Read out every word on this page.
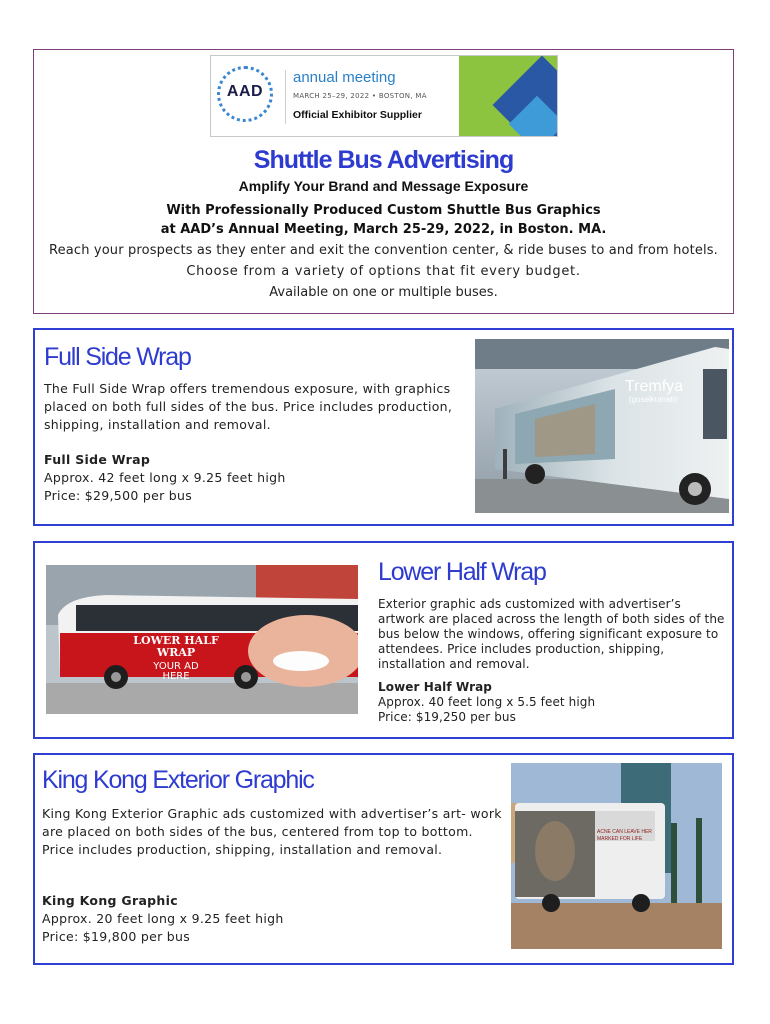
AAD
annual meeting
MARCH 25–29, 2022 • BOSTON, MA
Official Exhibitor Supplier
Shuttle Bus Advertising
Amplify Your Brand and Message Exposure
With Professionally Produced Custom Shuttle Bus Graphics
at AAD’s Annual Meeting, March 25-29, 2022, in Boston. MA.
Reach your prospects as they enter and exit the convention center, & ride buses to and from hotels.
Choose from a variety of options that fit every budget.
Available on one or multiple buses.
Full Side Wrap
The Full Side Wrap offers tremendous exposure, with graphics placed on both full sides of the bus. Price includes production, shipping, installation and removal.
Full Side Wrap
Approx. 42 feet long x 9.25 feet high
Price: $29,500 per bus
Tremfya
(guselkumab)
LOWER HALF
WRAP
YOUR AD
HERE
Lower Half Wrap
Exterior graphic ads customized with advertiser’s artwork are placed across the length of both sides of the bus below the windows, offering significant exposure to attendees. Price includes production, shipping, installation and removal.
Lower Half Wrap
Approx. 40 feet long x 5.5 feet high
Price: $19,250 per bus
King Kong Exterior Graphic
King Kong Exterior Graphic ads customized with advertiser’s art- work are placed on both sides of the bus, centered from top to bottom. Price includes production, shipping, installation and removal.
King Kong Graphic
Approx. 20 feet long x 9.25 feet high
Price: $19,800 per bus
ACNE CAN LEAVE HER
MARKED FOR LIFE
